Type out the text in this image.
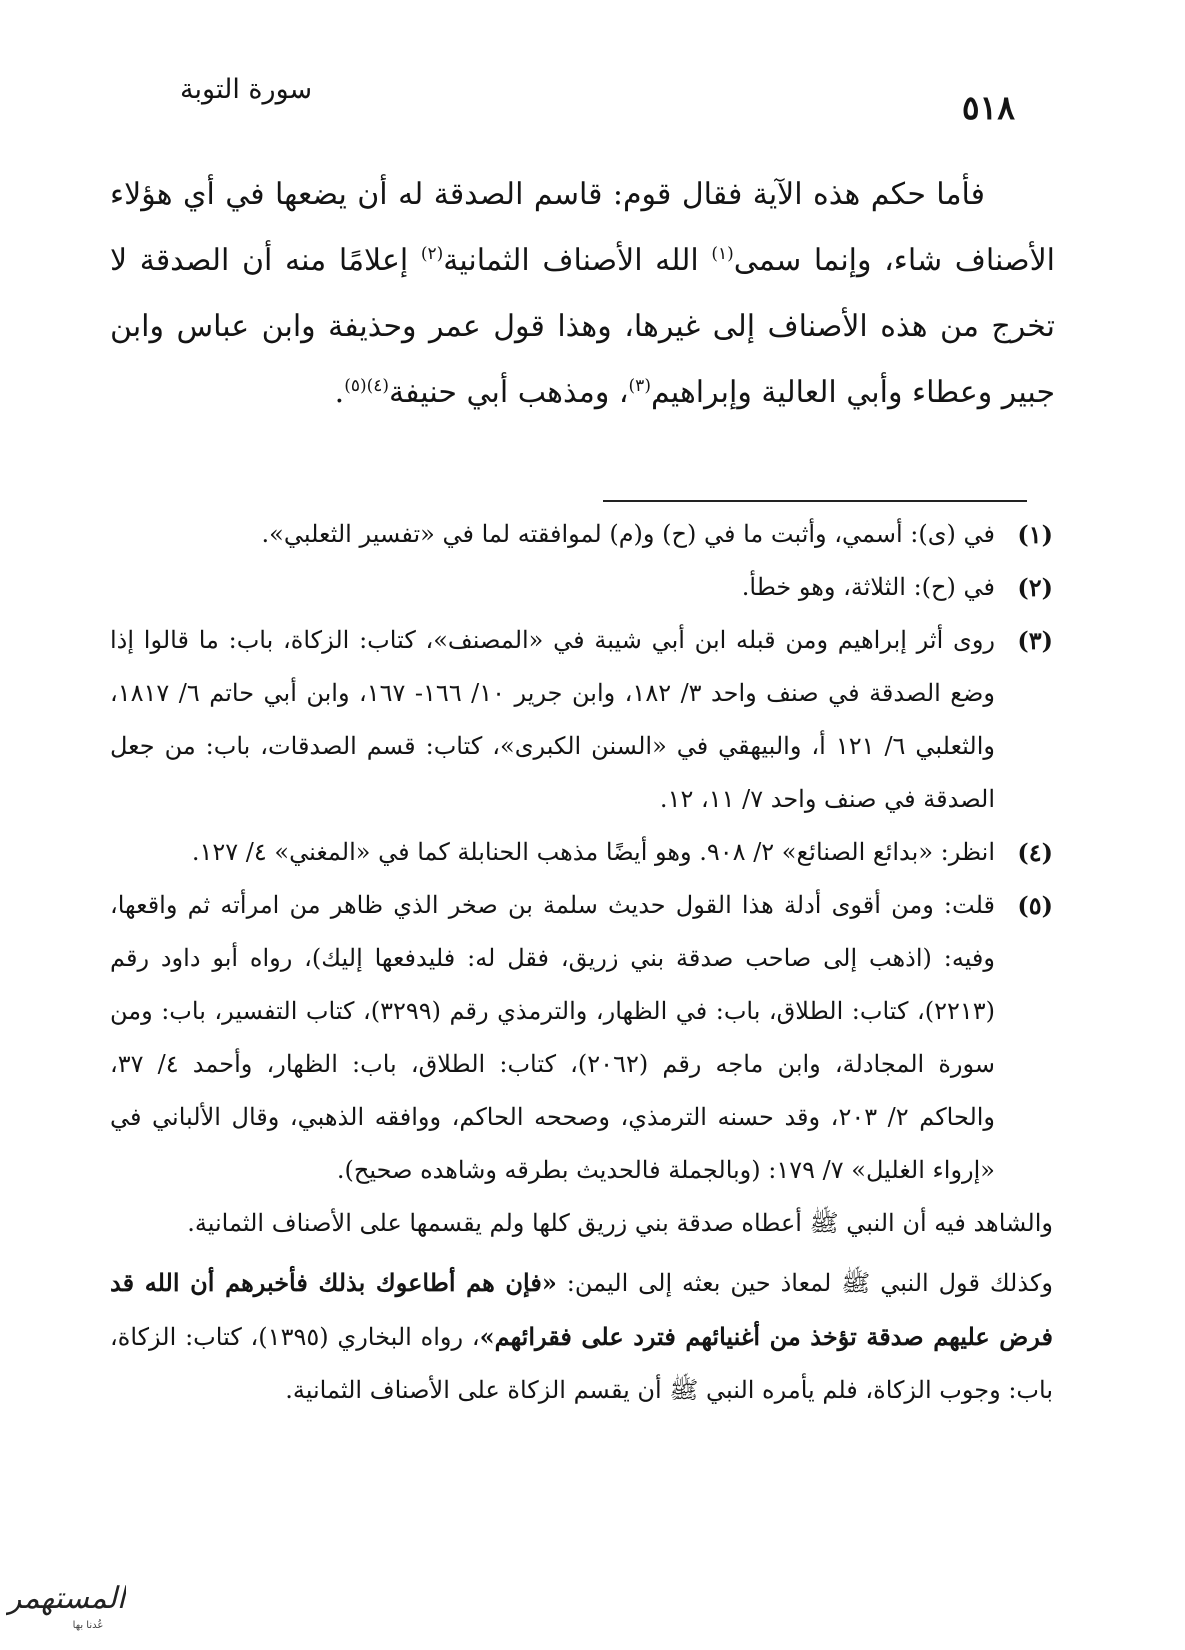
سورة التوبة	٥١٨

فأما حكم هذه الآية فقال قوم: قاسم الصدقة له أن يضعها في أي هؤلاء الأصناف شاء، وإنما سمى$^{(١)}$ الله الأصناف الثمانية$^{(٢)}$ إعلامًا منه أن الصدقة لا تخرج من هذه الأصناف إلى غيرها، وهذا قول عمر وحذيفة وابن عباس وابن جبير وعطاء وأبي العالية وإبراهيم$^{(٣)}$، ومذهب أبي حنيفة$^{(٤)(٥)}$.

(١)
في (ى): أسمي، وأثبت ما في (ح) و(م) لموافقته لما في «تفسير الثعلبي».
(٢)
في (ح): الثلاثة، وهو خطأ.
(٣)
روى أثر إبراهيم ومن قبله ابن أبي شيبة في «المصنف»، كتاب: الزكاة، باب: ما قالوا إذا وضع الصدقة في صنف واحد ٣/ ١٨٢، وابن جرير ١٠/ ١٦٦- ١٦٧، وابن أبي حاتم ٦/ ١٨١٧، والثعلبي ٦/ ١٢١ أ، والبيهقي في «السنن الكبرى»، كتاب: قسم الصدقات، باب: من جعل الصدقة في صنف واحد ٧/ ١١، ١٢.
(٤)
انظر: «بدائع الصنائع» ٢/ ٩٠٨. وهو أيضًا مذهب الحنابلة كما في «المغني» ٤/ ١٢٧.
(٥)
قلت: ومن أقوى أدلة هذا القول حديث سلمة بن صخر الذي ظاهر من امرأته ثم واقعها، وفيه: (اذهب إلى صاحب صدقة بني زريق، فقل له: فليدفعها إليك)، رواه أبو داود رقم (٢٢١٣)، كتاب: الطلاق، باب: في الظهار، والترمذي رقم (٣٢٩٩)، كتاب التفسير، باب: ومن سورة المجادلة، وابن ماجه رقم (٢٠٦٢)، كتاب: الطلاق، باب: الظهار، وأحمد ٤/ ٣٧، والحاكم ٢/ ٢٠٣، وقد حسنه الترمذي، وصححه الحاكم، ووافقه الذهبي، وقال الألباني في «إرواء الغليل» ٧/ ١٧٩: (وبالجملة فالحديث بطرقه وشاهده صحيح).
والشاهد فيه أن النبي ﷺ أعطاه صدقة بني زريق كلها ولم يقسمها على الأصناف الثمانية.
وكذلك قول النبي ﷺ لمعاذ حين بعثه إلى اليمن: «فإن هم أطاعوك بذلك فأخبرهم أن الله قد فرض عليهم صدقة تؤخذ من أغنيائهم فترد على فقرائهم»، رواه البخاري (١٣٩٥)، كتاب: الزكاة، باب: وجوب الزكاة، فلم يأمره النبي ﷺ أن يقسم الزكاة على الأصناف الثمانية.
المستهمر
عُدنا بها
